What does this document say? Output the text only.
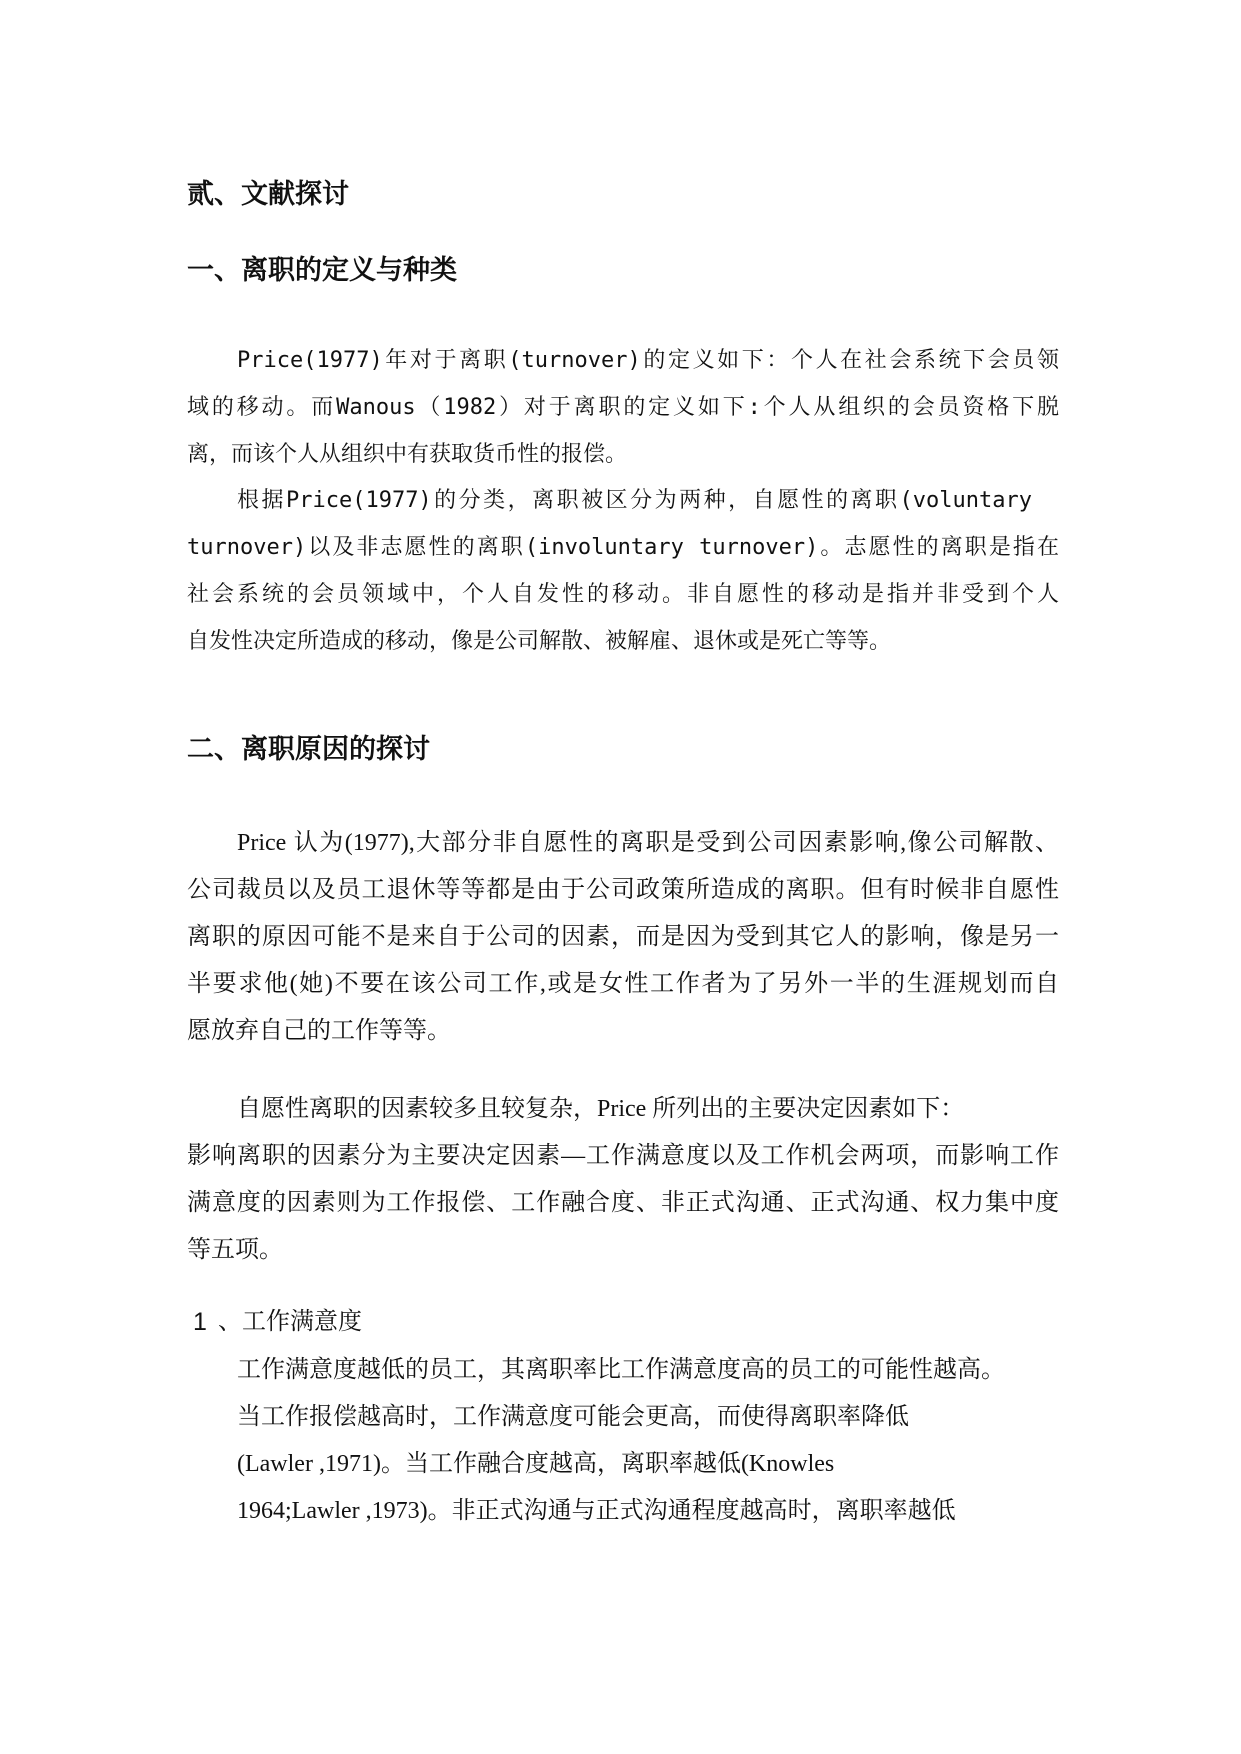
贰、文献探讨
一、离职的定义与种类

Price(1977)年对于离职(turnover)的定义如下：个人在社会系统下会员领

域的移动。而Wanous（1982）对于离职的定义如下:个人从组织的会员资格下脱

离，而该个人从组织中有获取货币性的报偿。

根据Price(1977)的分类，离职被区分为两种，自愿性的离职(voluntary

turnover)以及非志愿性的离职(involuntary turnover)。志愿性的离职是指在

社会系统的会员领域中，个人自发性的移动。非自愿性的移动是指并非受到个人

自发性决定所造成的移动，像是公司解散、被解雇、退休或是死亡等等。

二、离职原因的探讨

Price 认为(1977),大部分非自愿性的离职是受到公司因素影响,像公司解散、

公司裁员以及员工退休等等都是由于公司政策所造成的离职。但有时候非自愿性

离职的原因可能不是来自于公司的因素，而是因为受到其它人的影响，像是另一

半要求他(她)不要在该公司工作,或是女性工作者为了另外一半的生涯规划而自

愿放弃自己的工作等等。

自愿性离职的因素较多且较复杂，Price 所列出的主要决定因素如下：

影响离职的因素分为主要决定因素—工作满意度以及工作机会两项，而影响工作

满意度的因素则为工作报偿、工作融合度、非正式沟通、正式沟通、权力集中度

等五项。

1 、工作满意度

工作满意度越低的员工，其离职率比工作满意度高的员工的可能性越高。

当工作报偿越高时，工作满意度可能会更高，而使得离职率降低

(Lawler ,1971)。当工作融合度越高，离职率越低(Knowles

1964;Lawler ,1973)。非正式沟通与正式沟通程度越高时，离职率越低
